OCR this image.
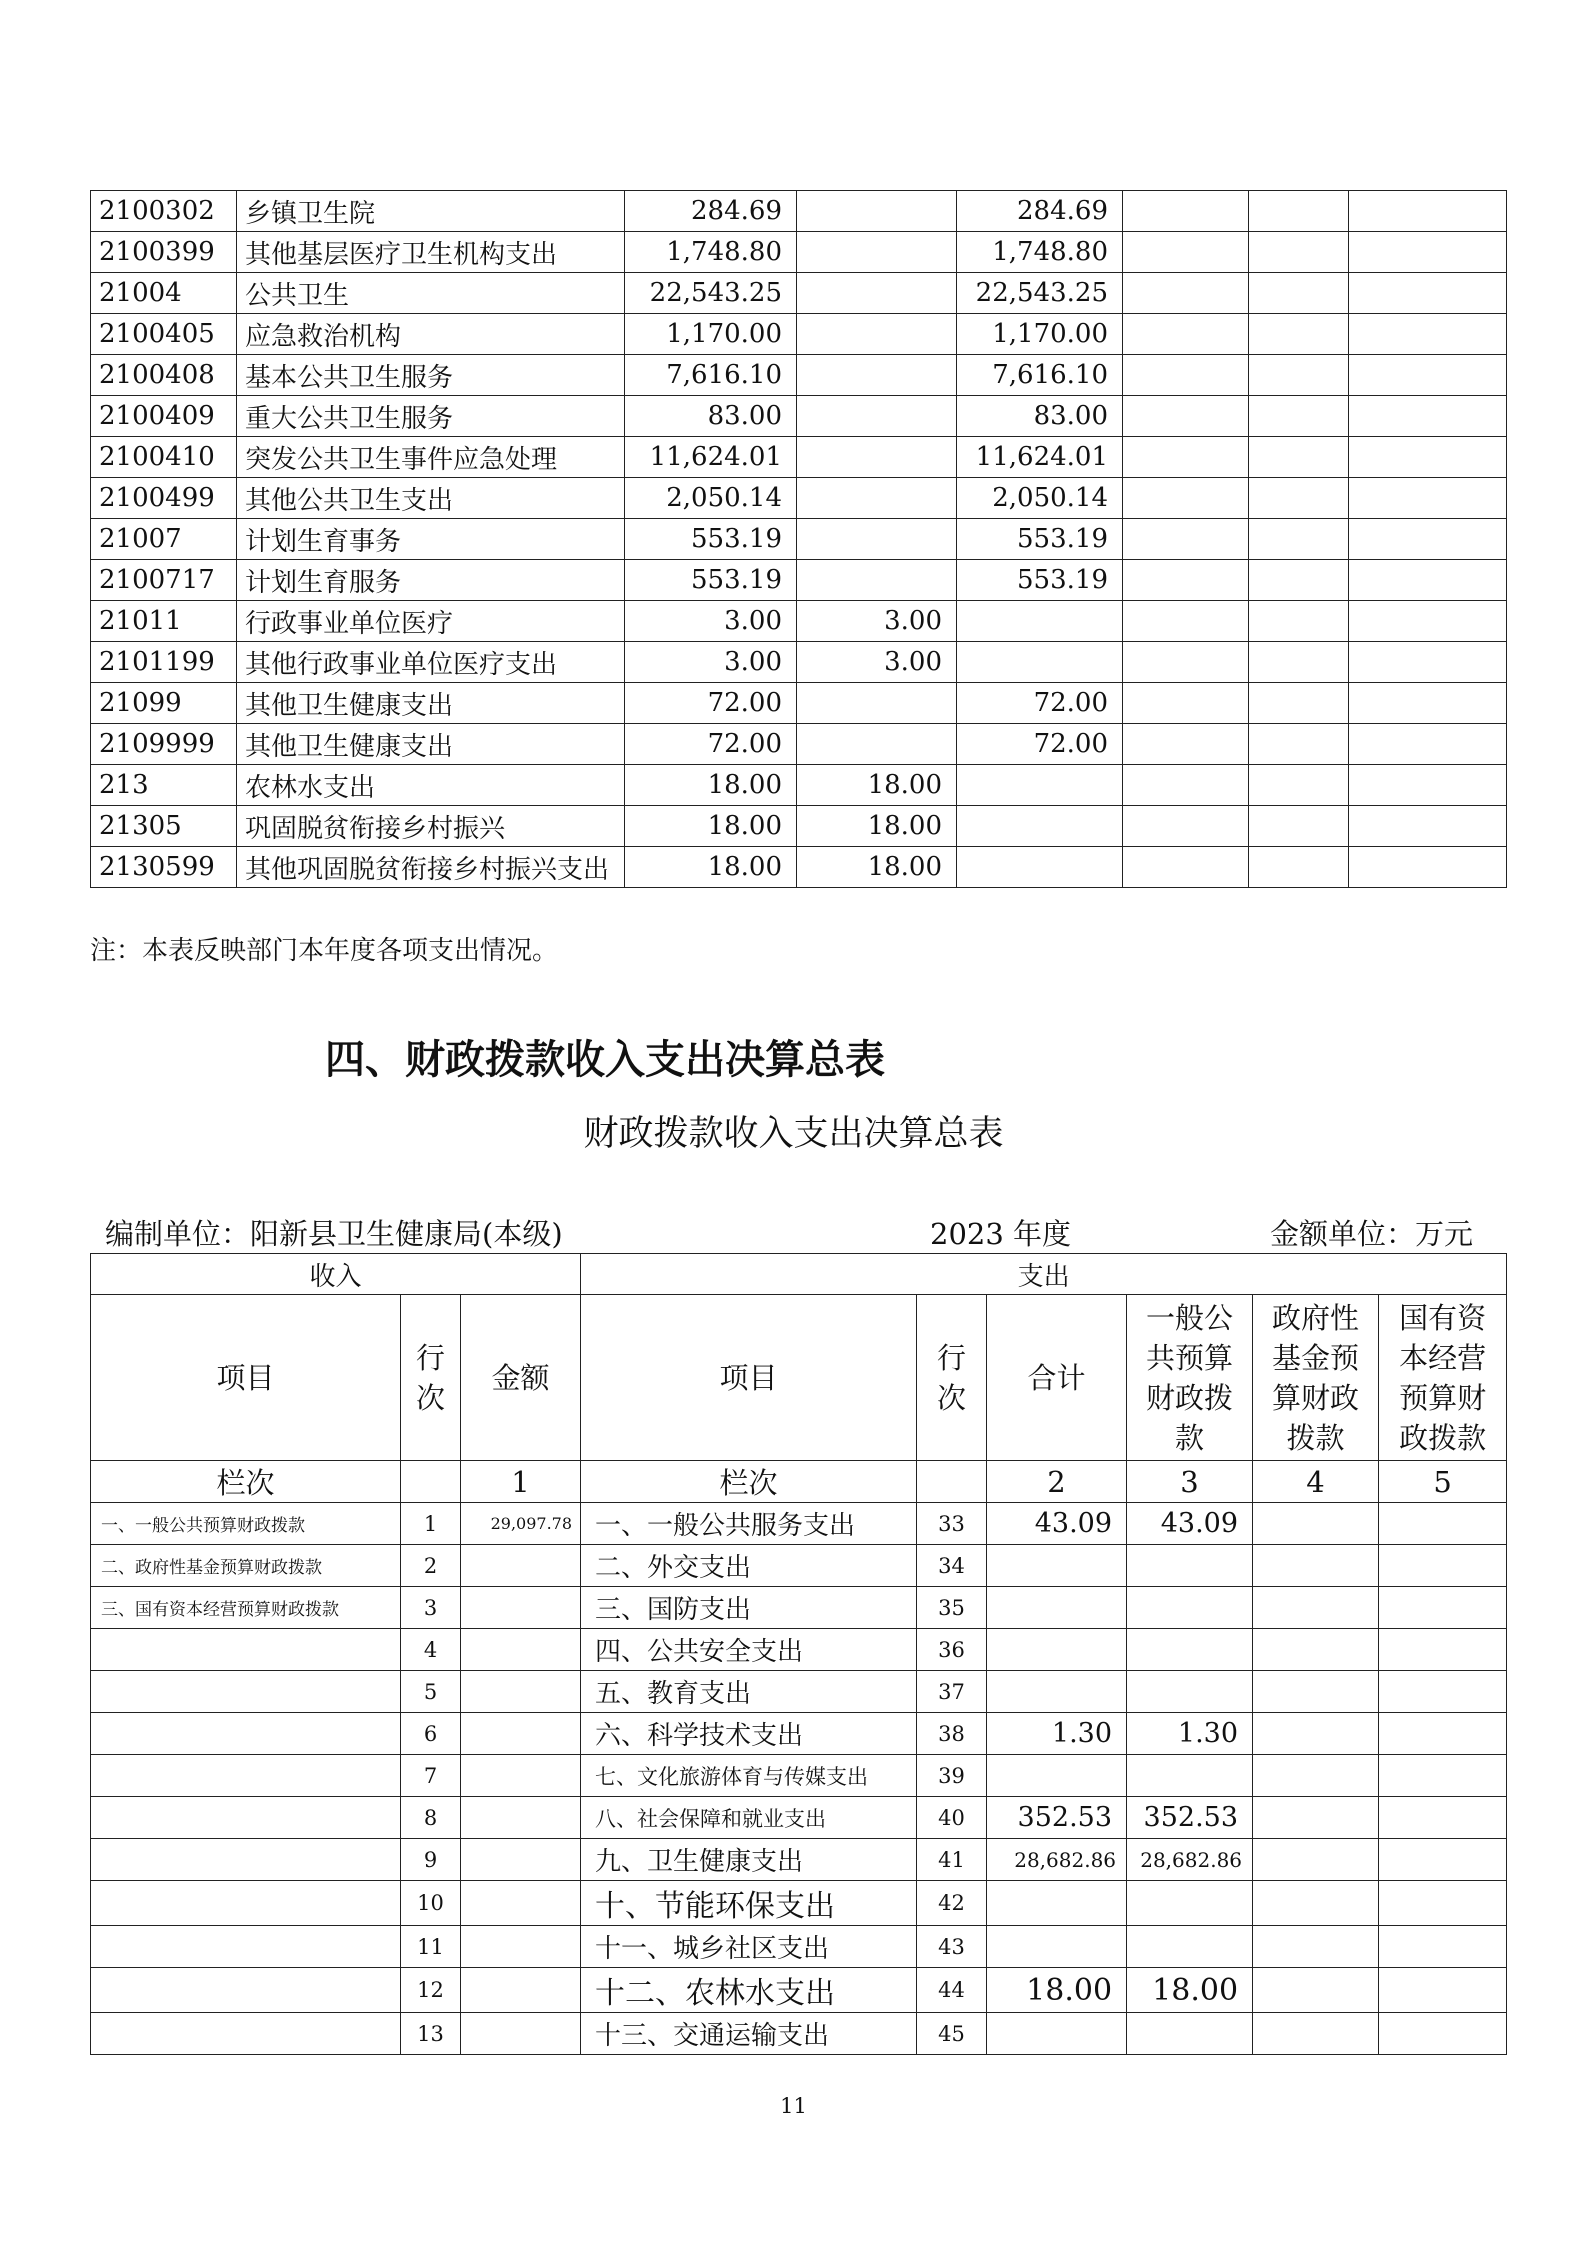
2100302	乡镇卫生院	284.69		284.69			
2100399	其他基层医疗卫生机构支出	1,748.80		1,748.80			
21004	公共卫生	22,543.25		22,543.25			
2100405	应急救治机构	1,170.00		1,170.00			
2100408	基本公共卫生服务	7,616.10		7,616.10			
2100409	重大公共卫生服务	83.00		83.00			
2100410	突发公共卫生事件应急处理	11,624.01		11,624.01			
2100499	其他公共卫生支出	2,050.14		2,050.14			
21007	计划生育事务	553.19		553.19			
2100717	计划生育服务	553.19		553.19			
21011	行政事业单位医疗	3.00	3.00				
2101199	其他行政事业单位医疗支出	3.00	3.00				
21099	其他卫生健康支出	72.00		72.00			
2109999	其他卫生健康支出	72.00		72.00			
213	农林水支出	18.00	18.00				
21305	巩固脱贫衔接乡村振兴	18.00	18.00				
2130599	其他巩固脱贫衔接乡村振兴支出	18.00	18.00				
注：本表反映部门本年度各项支出情况。
四、财政拨款收入支出决算总表
财政拨款收入支出决算总表
编制单位：阳新县卫生健康局(本级)	2023 年度	金额单位：万元
收入			支出					
项目	行次	金额	项目	行次	合计	一般公共预算财政拨款	政府性基金预算财政拨款	国有资本经营预算财政拨款
栏次		1	栏次		2	3	4	5
一、一般公共预算财政拨款	1	29,097.78	一、一般公共服务支出	33	43.09	43.09		
二、政府性基金预算财政拨款	2		二、外交支出	34				
三、国有资本经营预算财政拨款	3		三、国防支出	35				
	4		四、公共安全支出	36				
	5		五、教育支出	37				
	6		六、科学技术支出	38	1.30	1.30		
	7		七、文化旅游体育与传媒支出	39				
	8		八、社会保障和就业支出	40	352.53	352.53		
	9		九、卫生健康支出	41	28,682.86	28,682.86		
	10		十、节能环保支出	42				
	11		十一、城乡社区支出	43				
	12		十二、农林水支出	44	18.00	18.00		
	13		十三、交通运输支出	45				
11
